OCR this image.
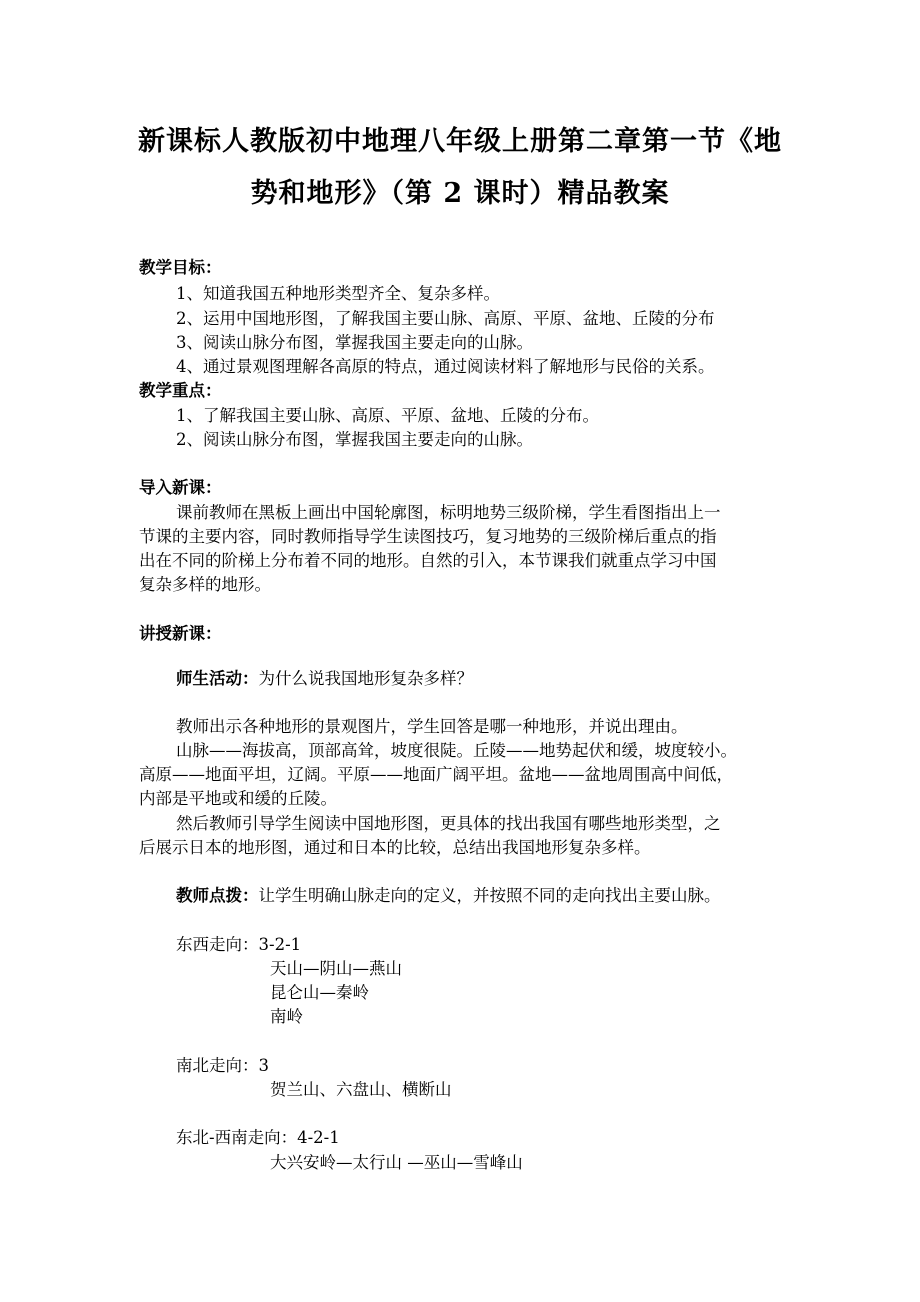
新课标人教版初中地理八年级上册第二章第一节《地
势和地形》（第 2 课时）精品教案
教学目标：
1、知道我国五种地形类型齐全、复杂多样。
2、运用中国地形图，了解我国主要山脉、高原、平原、盆地、丘陵的分布
3、阅读山脉分布图，掌握我国主要走向的山脉。
4、通过景观图理解各高原的特点，通过阅读材料了解地形与民俗的关系。
教学重点：
1、了解我国主要山脉、高原、平原、盆地、丘陵的分布。
2、阅读山脉分布图，掌握我国主要走向的山脉。
导入新课：
课前教师在黑板上画出中国轮廓图，标明地势三级阶梯，学生看图指出上一
节课的主要内容，同时教师指导学生读图技巧，复习地势的三级阶梯后重点的指
出在不同的阶梯上分布着不同的地形。自然的引入，本节课我们就重点学习中国
复杂多样的地形。
讲授新课：
师生活动：为什么说我国地形复杂多样？
教师出示各种地形的景观图片，学生回答是哪一种地形，并说出理由。
山脉——海拔高，顶部高耸，坡度很陡。丘陵——地势起伏和缓，坡度较小。
高原——地面平坦，辽阔。平原——地面广阔平坦。盆地——盆地周围高中间低，
内部是平地或和缓的丘陵。
然后教师引导学生阅读中国地形图，更具体的找出我国有哪些地形类型，之
后展示日本的地形图，通过和日本的比较，总结出我国地形复杂多样。
教师点拨：让学生明确山脉走向的定义，并按照不同的走向找出主要山脉。
东西走向：3-2-1
天山—阴山—燕山
昆仑山—秦岭
南岭
南北走向：3
贺兰山、六盘山、横断山
东北-西南走向：4-2-1
大兴安岭—太行山 —巫山—雪峰山
